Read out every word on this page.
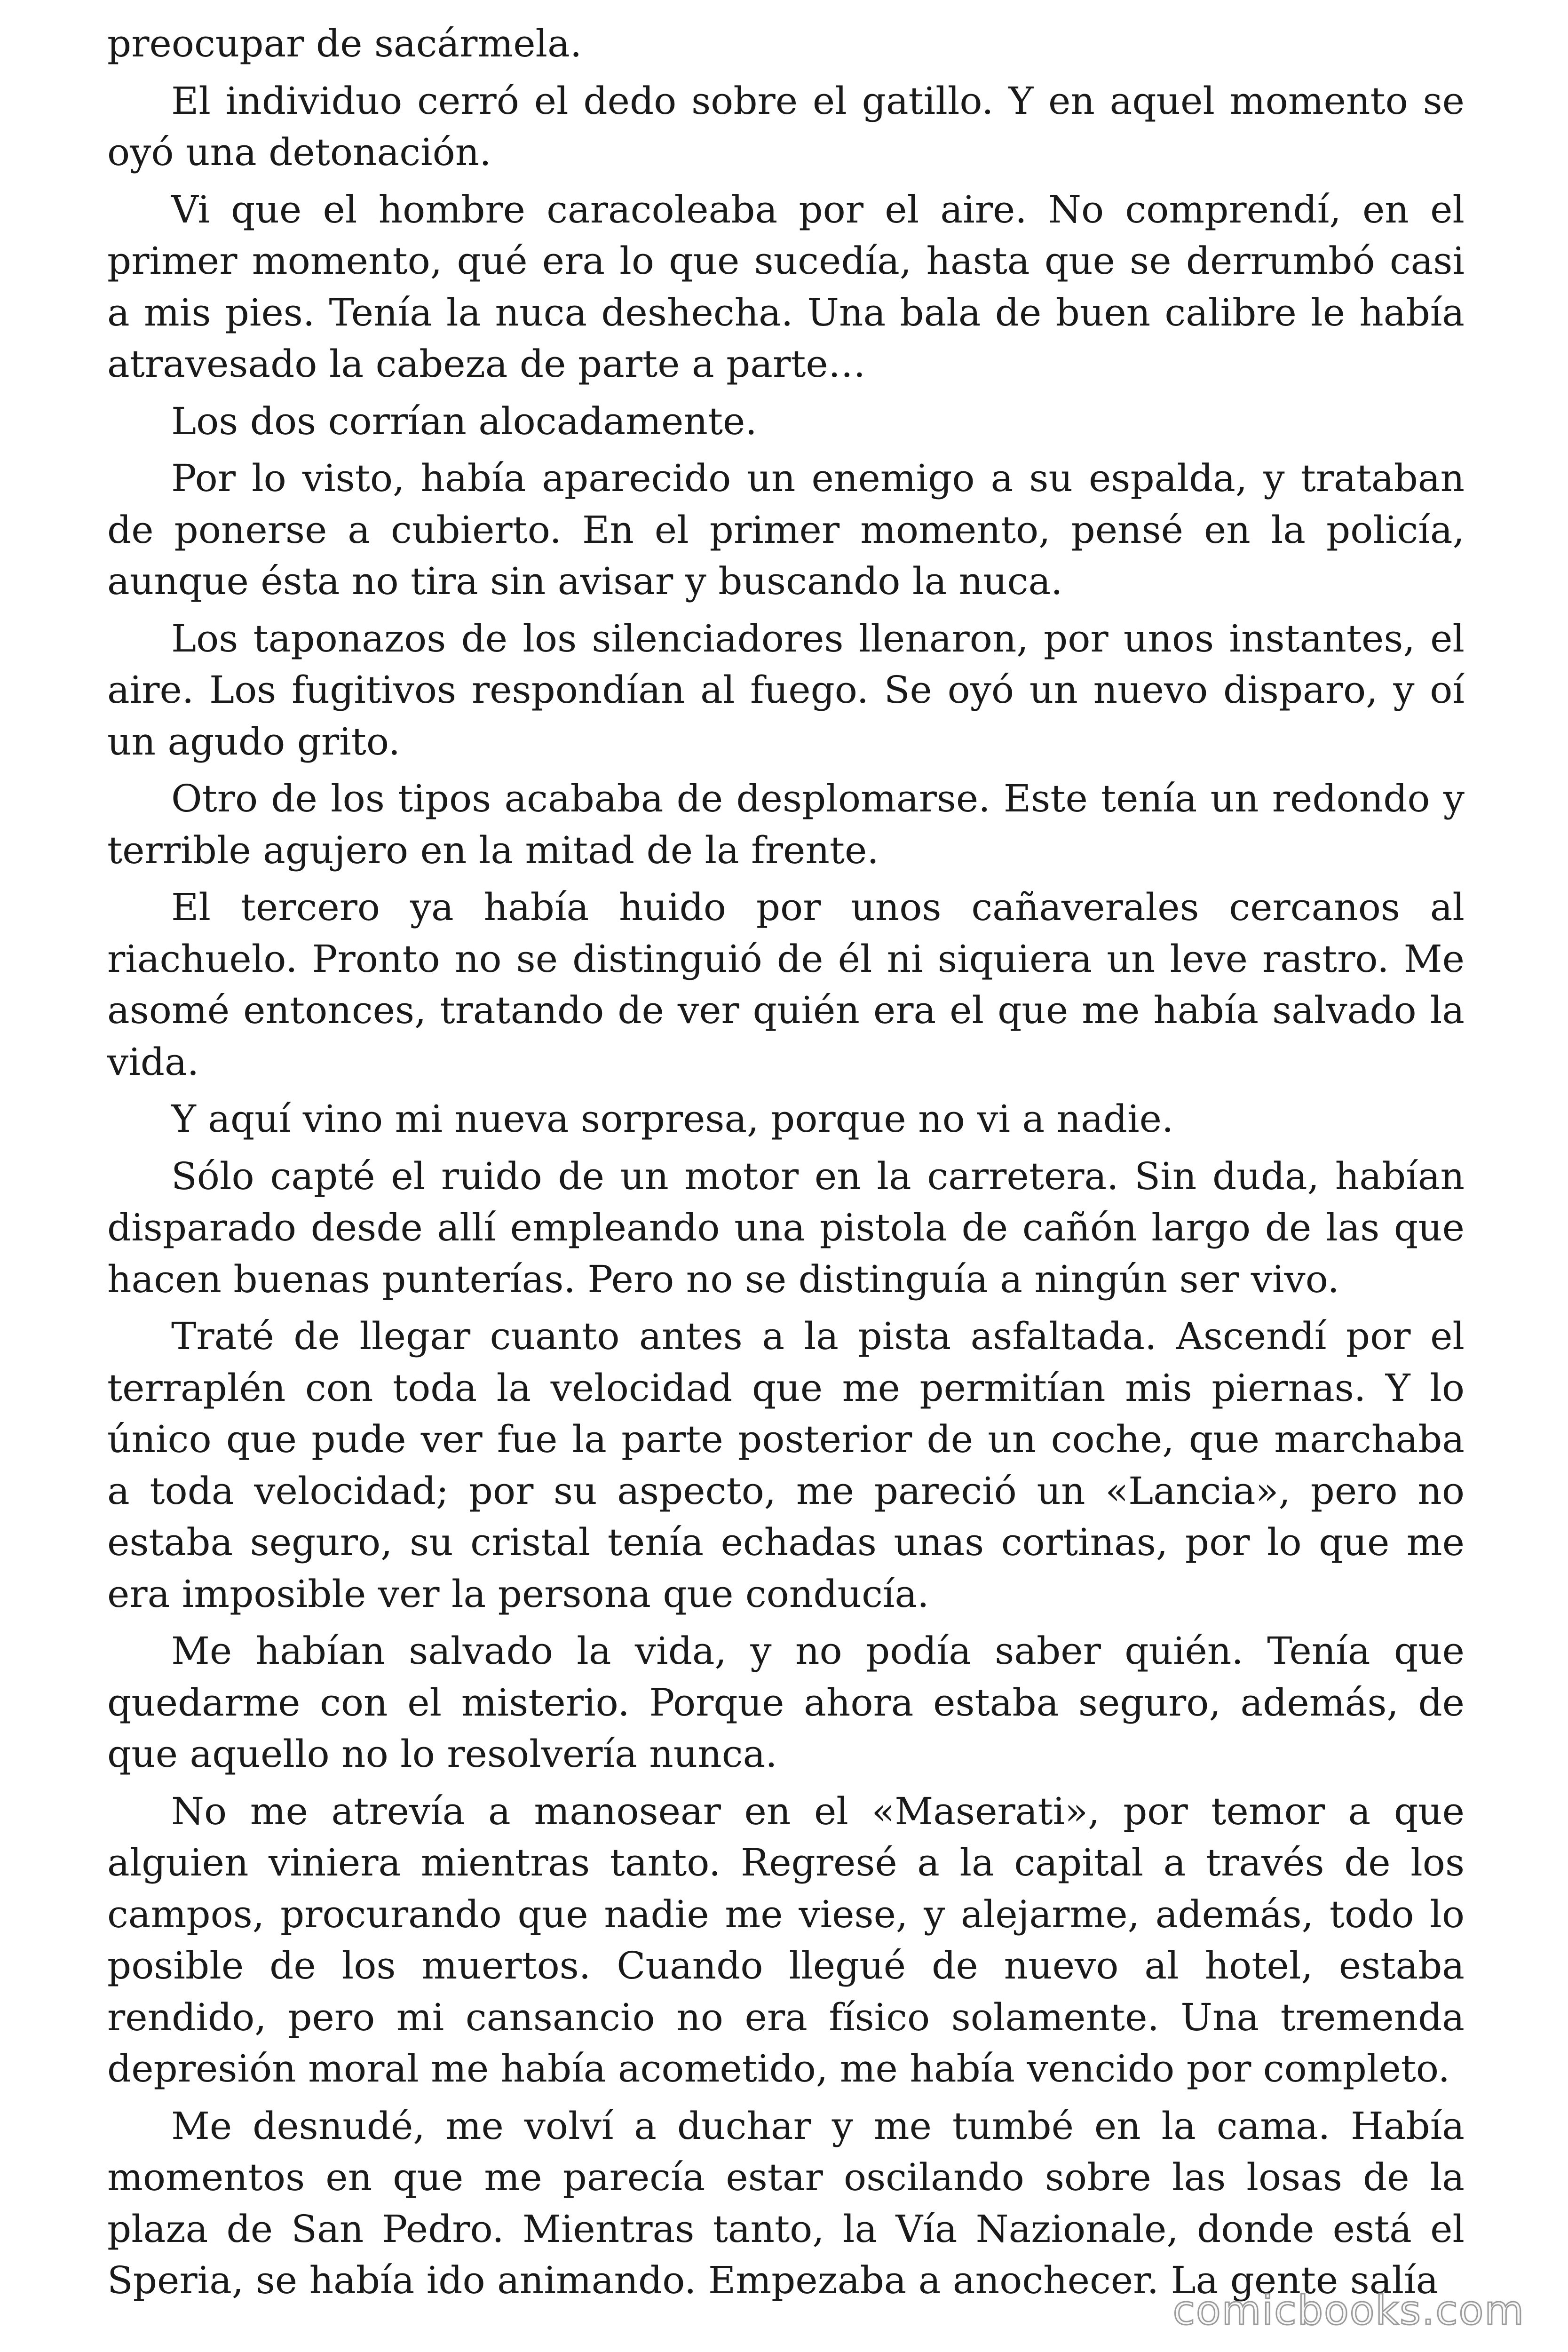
preocupar de sacármela.

El individuo cerró el dedo sobre el gatillo. Y en aquel momento se oyó una detonación.

Vi que el hombre caracoleaba por el aire. No comprendí, en el primer momento, qué era lo que sucedía, hasta que se derrumbó casi a mis pies. Tenía la nuca deshecha. Una bala de buen calibre le había atravesado la cabeza de parte a parte…

Los dos corrían alocadamente.

Por lo visto, había aparecido un enemigo a su espalda, y trataban de ponerse a cubierto. En el primer momento, pensé en la policía, aunque ésta no tira sin avisar y buscando la nuca.

Los taponazos de los silenciadores llenaron, por unos instantes, el aire. Los fugitivos respondían al fuego. Se oyó un nuevo disparo, y oí un agudo grito.

Otro de los tipos acababa de desplomarse. Este tenía un redondo y terrible agujero en la mitad de la frente.

El tercero ya había huido por unos cañaverales cercanos al riachuelo. Pronto no se distinguió de él ni siquiera un leve rastro. Me asomé entonces, tratando de ver quién era el que me había salvado la vida.

Y aquí vino mi nueva sorpresa, porque no vi a nadie.

Sólo capté el ruido de un motor en la carretera. Sin duda, habían disparado desde allí empleando una pistola de cañón largo de las que hacen buenas punterías. Pero no se distinguía a ningún ser vivo.

Traté de llegar cuanto antes a la pista asfaltada. Ascendí por el terraplén con toda la velocidad que me permitían mis piernas. Y lo único que pude ver fue la parte posterior de un coche, que marchaba a toda velocidad; por su aspecto, me pareció un «Lancia», pero no estaba seguro, su cristal tenía echadas unas cortinas, por lo que me era imposible ver la persona que conducía.

Me habían salvado la vida, y no podía saber quién. Tenía que quedarme con el misterio. Porque ahora estaba seguro, además, de que aquello no lo resolvería nunca.

No me atrevía a manosear en el «Maserati», por temor a que alguien viniera mientras tanto. Regresé a la capital a través de los campos, procurando que nadie me viese, y alejarme, además, todo lo posible de los muertos. Cuando llegué de nuevo al hotel, estaba rendido, pero mi cansancio no era físico solamente. Una tremenda depresión moral me había acometido, me había vencido por completo.

Me desnudé, me volví a duchar y me tumbé en la cama. Había momentos en que me parecía estar oscilando sobre las losas de la plaza de San Pedro. Mientras tanto, la Vía Nazionale, donde está el Speria, se había ido animando. Empezaba a anochecer. La gente salía

comicbooks.com
